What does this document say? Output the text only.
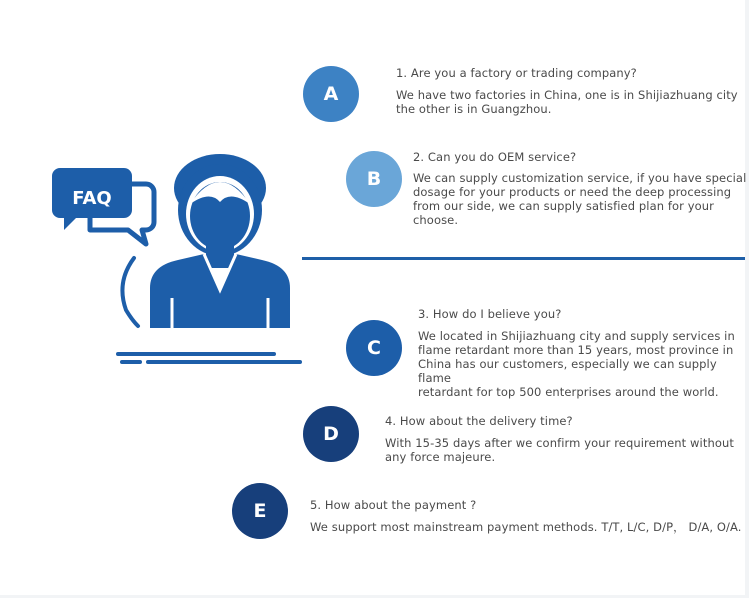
FAQ
A
1. Are you a factory or trading company?
We have two factories in China, one is in Shijiazhuang city
the other is in Guangzhou.
B
2. Can you do OEM service?
We can supply customization service, if you have special
dosage for your products or need the deep processing
from our side, we can supply satisfied plan for your choose.
C
3. How do I believe you?
We located in Shijiazhuang city and supply services in
flame retardant more than 15 years, most province in
China has our customers, especially we can supply flame
retardant for top 500 enterprises around the world.
D
4. How about the delivery time?
With 15-35 days after we confirm your requirement without
any force majeure.
E	5. How about the payment ?
We support most mainstream payment methods. T/T, L/C, D/P， D/A, O/A.
